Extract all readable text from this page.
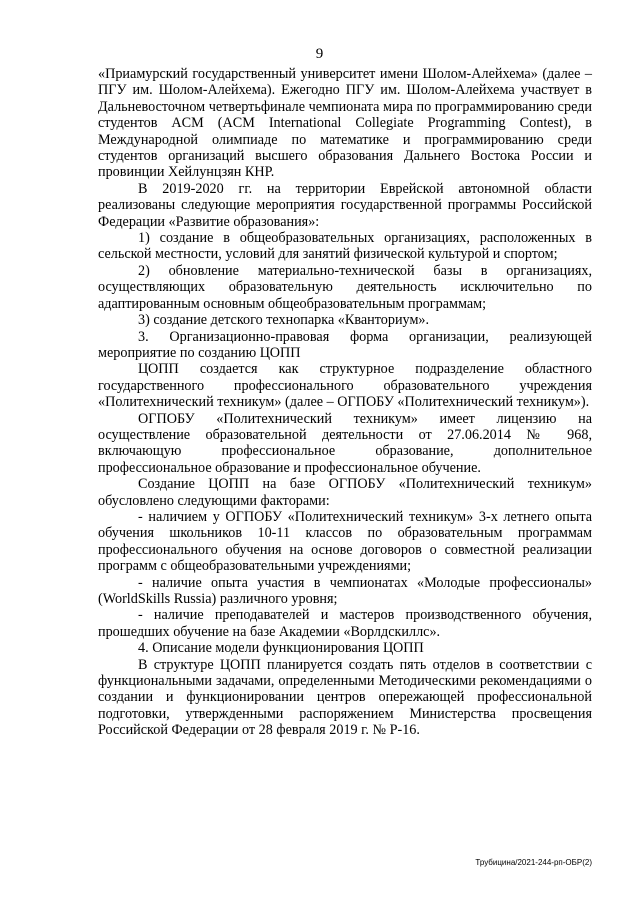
9

«Приамурский государственный университет имени Шолом-Алейхема» (далее – ПГУ им. Шолом-Алейхема). Ежегодно ПГУ им. Шолом-Алейхема участвует в Дальневосточном четвертьфинале чемпионата мира по программированию среди студентов ACM (ACM International Collegiate Programming Contest), в Международной олимпиаде по математике и программированию среди студентов организаций высшего образования Дальнего Востока России и провинции Хейлунцзян КНР.

В 2019-2020 гг. на территории Еврейской автономной области реализованы следующие мероприятия государственной программы Российской Федерации «Развитие образования»:

1) создание в общеобразовательных организациях, расположенных в сельской местности, условий для занятий физической культурой и спортом;

2) обновление материально-технической базы в организациях, осуществляющих образовательную деятельность исключительно по адаптированным основным общеобразовательным программам;

3) создание детского технопарка «Кванториум».

3. Организационно-правовая форма организации, реализующей мероприятие по созданию ЦОПП

ЦОПП создается как структурное подразделение областного государственного профессионального образовательного учреждения «Политехнический техникум» (далее – ОГПОБУ «Политехнический техникум»).

ОГПОБУ «Политехнический техникум» имеет лицензию на осуществление образовательной деятельности от 27.06.2014 № 968, включающую профессиональное образование, дополнительное профессиональное образование и профессиональное обучение.

Создание ЦОПП на базе ОГПОБУ «Политехнический техникум» обусловлено следующими факторами:

- наличием у ОГПОБУ «Политехнический техникум» 3-х летнего опыта обучения школьников 10-11 классов по образовательным программам профессионального обучения на основе договоров о совместной реализации программ с общеобразовательными учреждениями;

- наличие опыта участия в чемпионатах «Молодые профессионалы» (WorldSkills Russia) различного уровня;

- наличие преподавателей и мастеров производственного обучения, прошедших обучение на базе Академии «Ворлдскиллс».

4. Описание модели функционирования ЦОПП

В структуре ЦОПП планируется создать пять отделов в соответствии с функциональными задачами, определенными Методическими рекомендациями о создании и функционировании центров опережающей профессиональной подготовки, утвержденными распоряжением Министерства просвещения Российской Федерации от 28 февраля 2019 г. № Р-16.

Трубицина/2021-244-рп-ОБР(2)
